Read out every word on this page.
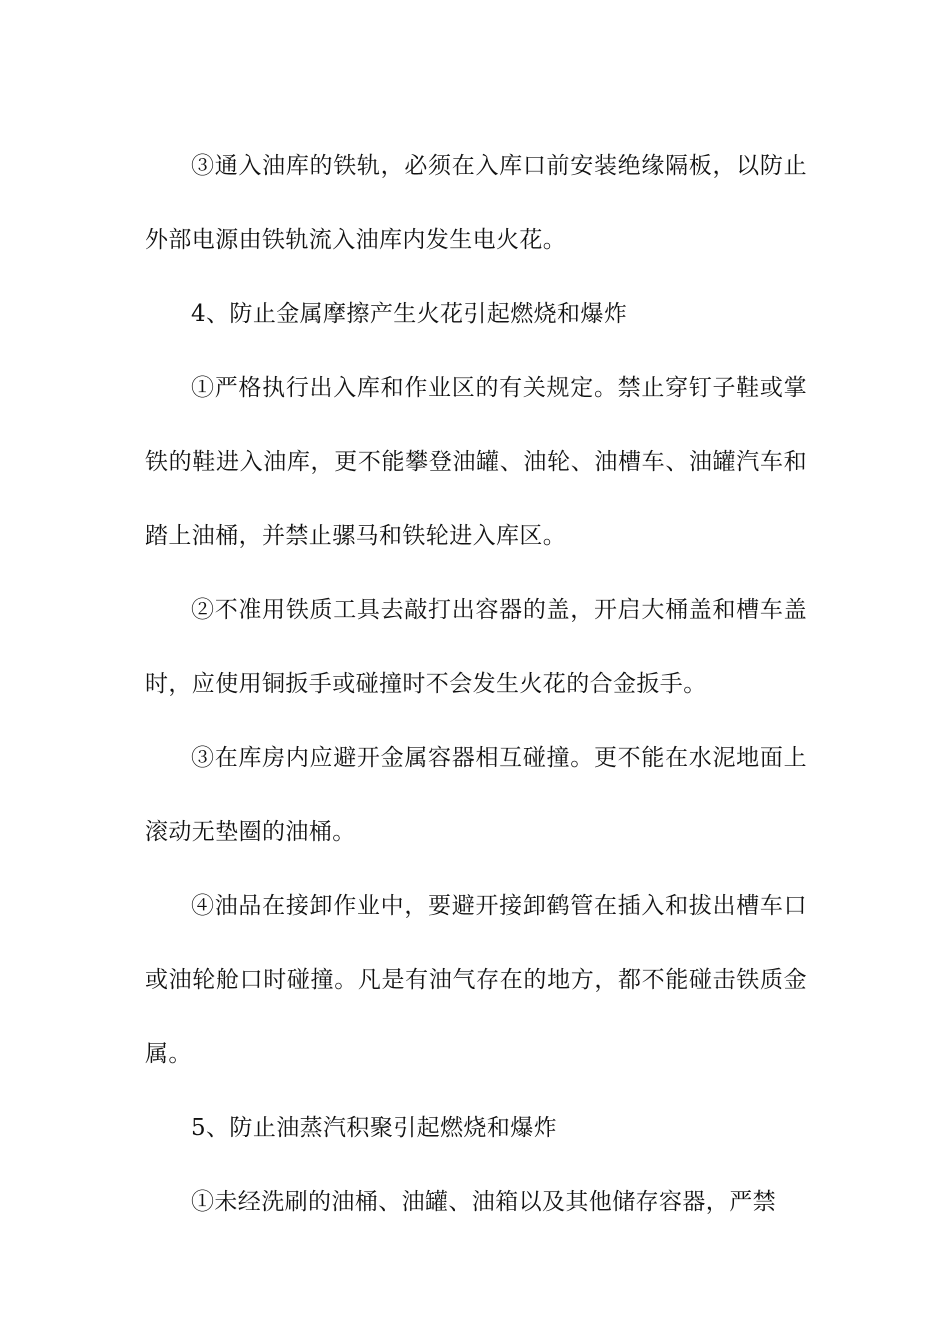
③通入油库的铁轨，必须在入库口前安装绝缘隔板，以防止外部电源由铁轨流入油库内发生电火花。

4、防止金属摩擦产生火花引起燃烧和爆炸

①严格执行出入库和作业区的有关规定。禁止穿钉子鞋或掌铁的鞋进入油库，更不能攀登油罐、油轮、油槽车、油罐汽车和踏上油桶，并禁止骡马和铁轮进入库区。

②不准用铁质工具去敲打出容器的盖，开启大桶盖和槽车盖时，应使用铜扳手或碰撞时不会发生火花的合金扳手。

③在库房内应避开金属容器相互碰撞。更不能在水泥地面上滚动无垫圈的油桶。

④油品在接卸作业中，要避开接卸鹤管在插入和拔出槽车口或油轮舱口时碰撞。凡是有油气存在的地方，都不能碰击铁质金属。

5、防止油蒸汽积聚引起燃烧和爆炸

①未经洗刷的油桶、油罐、油箱以及其他储存容器，严禁
